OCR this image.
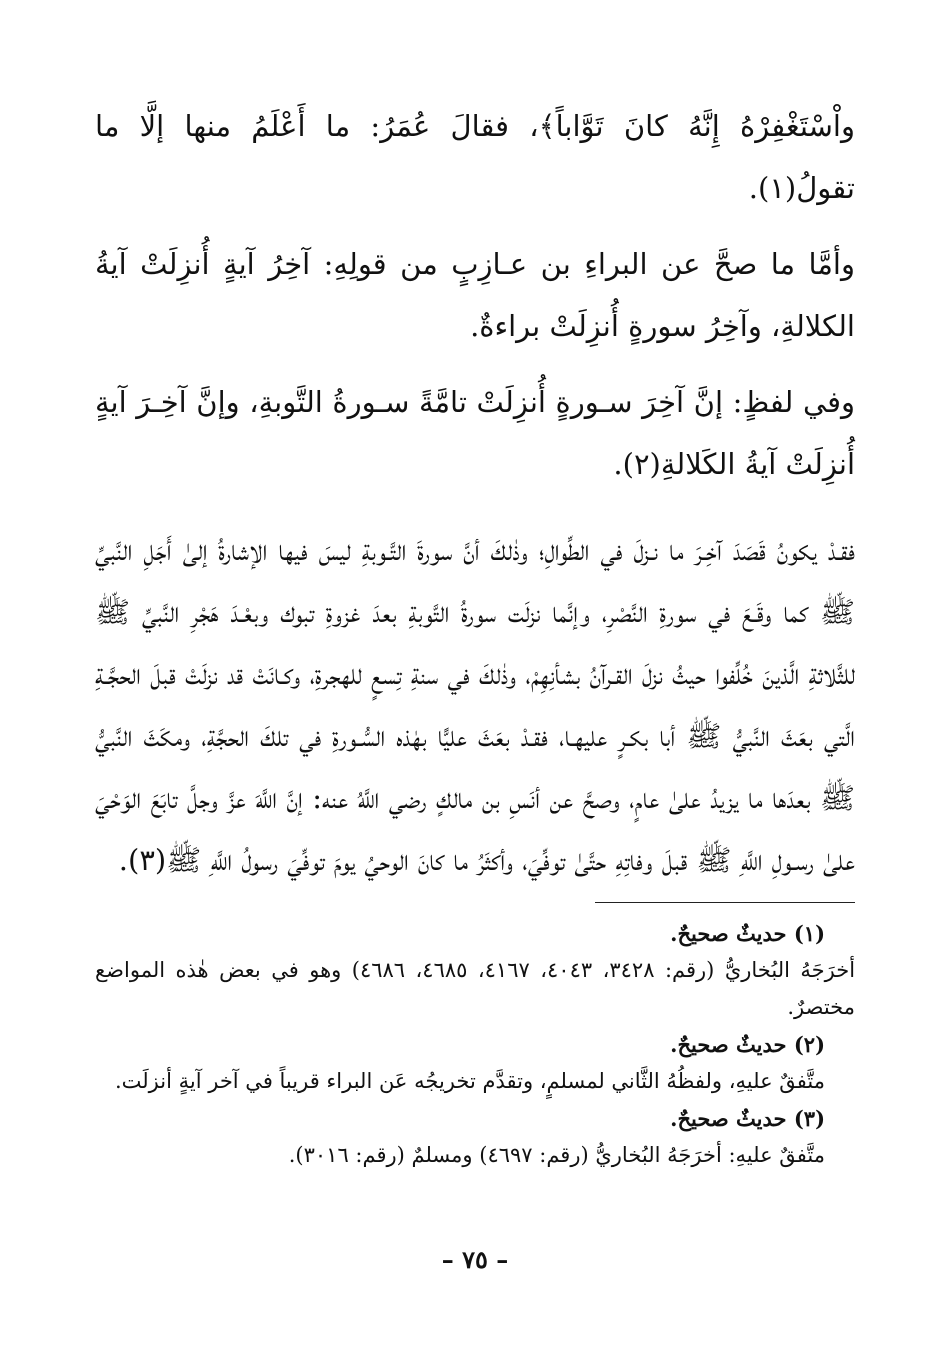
واْسْتَغْفِرْهُ إِنَّهُ كانَ تَوَّاباً﴾، فقالَ عُمَرُ: ما أَعْلَمُ منها إلَّا ما تقولُ(١).

وأمَّا ما صحَّ عن البراءِ بن عـازِبٍ من قولِهِ: آخِرُ آيةٍ أُنزِلَتْ آيةُ الكلالةِ، وآخِرُ سورةٍ أُنزِلَتْ براءةٌ.

وفي لفظٍ: إنَّ آخِرَ سـورةٍ أُنزِلَتْ تامَّةً سـورةُ التَّوبةِ، وإنَّ آخِـرَ آيةٍ أُنزِلَتْ آيةُ الكَلالةِ(٢).

فقـدْ يكونُ قَصَدَ آخِـرَ ما نـزلَ في الطِّوالِ؛ وذٰلكَ أنَّ سورةَ التَّـوبةِ ليسَ فيها الإشارةُ إلىٰ أَجَلِ النَّبيِّ ﷺ كما وقَـعَ في سورةِ النَّصْرِ، وإنَّما نزلَت سورةُ التَّوبةِ بعدَ غزوةِ تبوك وبعْـدَ هَجْرِ النَّبيِّ ﷺ للثَّلاثةِ الَّذينَ خُلِّفوا حيثُ نزلَ القـرآنُ بشأنِهِمْ، وذٰلكَ في سنةِ تِسعٍ للهجرةِ، وكـانَتْ قد نزلَتْ قبلَ الحجَّـةِ الَّتي بعَثَ النَّبيُّ ﷺ أبا بكـرٍ عليهـا، فقـدْ بعَثَ عليًّا بهٰذه السُّـورةِ في تلكَ الحجَّةِ، ومكَثَ النَّبيُّ ﷺ بعدَها ما يزيدُ علىٰ عامٍ، وصحَّ عن أنَسِ بن مالكٍ رضي اللَّهُ عنه: إنَّ اللَّهَ عزَّ وجلَّ تابَعَ الوَحْيَ علىٰ رسـولِ اللَّهِ ﷺ قبلَ وفاتِهِ حتَّىٰ توفِّيَ، وأكثَرُ ما كانَ الوحيُ يومَ توفِّيَ رسولُ اللَّهِ ﷺ(٣).

(١) حديثٌ صحيحٌ.

أخرَجَهُ البُخاريُّ (رقم: ٣٤٢٨، ٤٠٤٣، ٤١٦٧، ٤٦٨٥، ٤٦٨٦) وهو في بعض هٰذه المواضع مختصرٌ.

(٢) حديثٌ صحيحٌ.

متَّفقٌ عليهِ، ولفظُهُ الثَّاني لمسلمٍ، وتقدَّم تخريجُه عَن البراء قريباً في آخر آيةٍ أنزلَت.

(٣) حديثٌ صحيحٌ.

متَّفقٌ عليهِ: أخرَجَهُ البُخاريُّ (رقم: ٤٦٩٧) ومسلمٌ (رقم: ٣٠١٦).

– ٧٥ –
